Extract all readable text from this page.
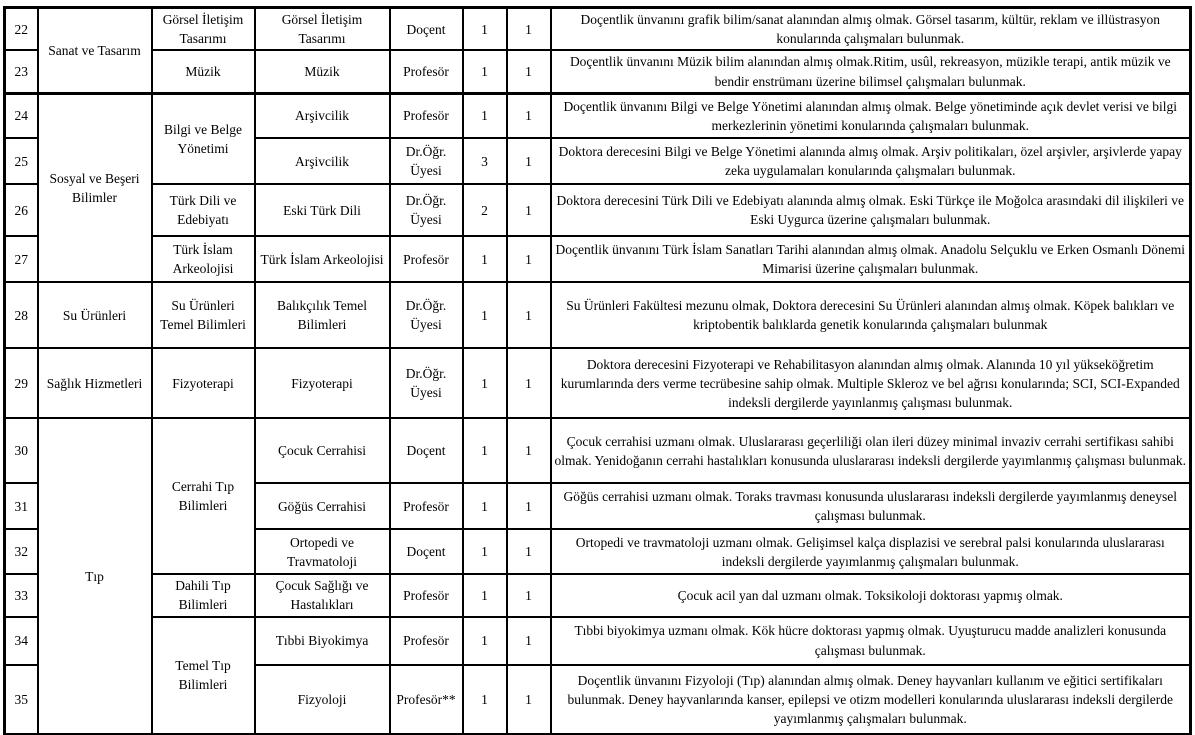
22	Sanat ve Tasarım	Görsel İletişim Tasarımı	Görsel İletişim Tasarımı	Doçent	1	1	Doçentlik ünvanını grafik bilim/sanat alanından almış olmak. Görsel tasarım, kültür, reklam ve illüstrasyon konularında çalışmaları bulunmak.
23		Müzik	Müzik	Profesör	1	1	Doçentlik ünvanını Müzik bilim alanından almış olmak.Ritim, usûl, rekreasyon, müzikle terapi, antik müzik ve bendir enstrümanı üzerine bilimsel çalışmaları bulunmak.
24	Sosyal ve Beşeri Bilimler	Bilgi ve Belge Yönetimi	Arşivcilik	Profesör	1	1	Doçentlik ünvanını Bilgi ve Belge Yönetimi alanından almış olmak. Belge yönetiminde açık devlet verisi ve bilgi merkezlerinin yönetimi konularında çalışmaları bulunmak.
25			Arşivcilik	Dr.Öğr. Üyesi	3	1	Doktora derecesini Bilgi ve Belge Yönetimi alanında almış olmak. Arşiv politikaları, özel arşivler, arşivlerde yapay zeka uygulamaları konularında çalışmaları bulunmak.
26		Türk Dili ve Edebiyatı	Eski Türk Dili	Dr.Öğr. Üyesi	2	1	Doktora derecesini Türk Dili ve Edebiyatı alanında almış olmak. Eski Türkçe ile Moğolca arasındaki dil ilişkileri ve Eski Uygurca üzerine çalışmaları bulunmak.
27		Türk İslam Arkeolojisi	Türk İslam Arkeolojisi	Profesör	1	1	Doçentlik ünvanını Türk İslam Sanatları Tarihi alanından almış olmak. Anadolu Selçuklu ve Erken Osmanlı Dönemi Mimarisi üzerine çalışmaları bulunmak.
28	Su Ürünleri	Su Ürünleri Temel Bilimleri	Balıkçılık Temel Bilimleri	Dr.Öğr. Üyesi	1	1	Su Ürünleri Fakültesi mezunu olmak, Doktora derecesini Su Ürünleri alanından almış olmak. Köpek balıkları ve kriptobentik balıklarda genetik konularında çalışmaları bulunmak
29	Sağlık Hizmetleri	Fizyoterapi	Fizyoterapi	Dr.Öğr. Üyesi	1	1	Doktora derecesini Fizyoterapi ve Rehabilitasyon alanından almış olmak. Alanında 10 yıl yükseköğretim kurumlarında ders verme tecrübesine sahip olmak. Multiple Skleroz ve bel ağrısı konularında; SCI, SCI-Expanded indeksli dergilerde yayınlanmış çalışması bulunmak.
30	Tıp	Cerrahi Tıp Bilimleri	Çocuk Cerrahisi	Doçent	1	1	Çocuk cerrahisi uzmanı olmak. Uluslararası geçerliliği olan ileri düzey minimal invaziv cerrahi sertifikası sahibi olmak. Yenidoğanın cerrahi hastalıkları konusunda uluslararası indeksli dergilerde yayımlanmış çalışması bulunmak.
31			Göğüs Cerrahisi	Profesör	1	1	Göğüs cerrahisi uzmanı olmak. Toraks travması konusunda uluslararası indeksli dergilerde yayımlanmış deneysel çalışması bulunmak.
32			Ortopedi ve Travmatoloji	Doçent	1	1	Ortopedi ve travmatoloji uzmanı olmak. Gelişimsel kalça displazisi ve serebral palsi konularında uluslararası indeksli dergilerde yayımlanmış çalışmaları bulunmak.
33		Dahili Tıp Bilimleri	Çocuk Sağlığı ve Hastalıkları	Profesör	1	1	Çocuk acil yan dal uzmanı olmak. Toksikoloji doktorası yapmış olmak.
34		Temel Tıp Bilimleri	Tıbbi Biyokimya	Profesör	1	1	Tıbbi biyokimya uzmanı olmak. Kök hücre doktorası yapmış olmak. Uyuşturucu madde analizleri konusunda çalışması bulunmak.
35			Fizyoloji	Profesör**	1	1	Doçentlik ünvanını Fizyoloji (Tıp) alanından almış olmak. Deney hayvanları kullanım ve eğitici sertifikaları bulunmak. Deney hayvanlarında kanser, epilepsi ve otizm modelleri konularında uluslararası indeksli dergilerde yayımlanmış çalışmaları bulunmak.
